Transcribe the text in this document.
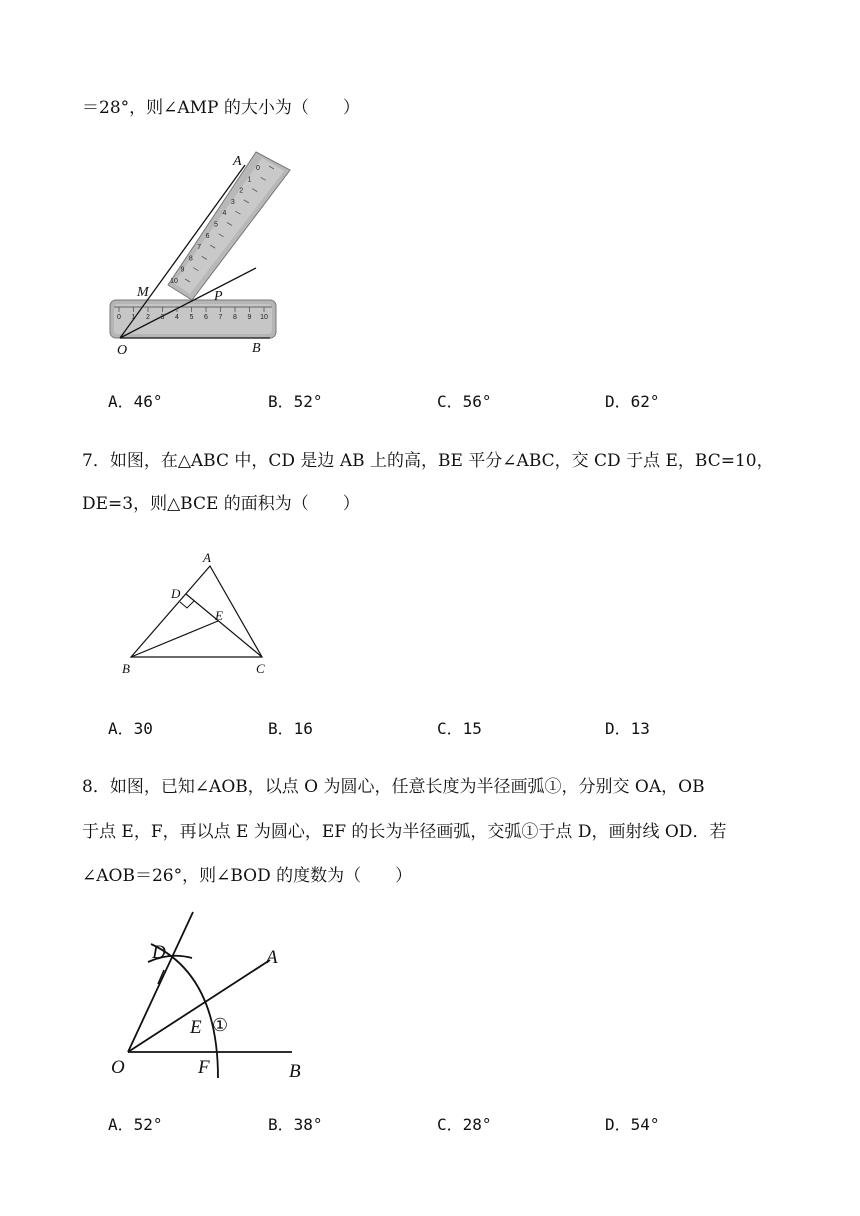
＝28°，则∠AMP 的大小为（　　）
0 1 2 3 4 5 6 7 8 9 10
0
1
2
3
4
5
6
7
8
9
10
A
M	P
O	B
A．46°	B．52°	C．56°	D．62°
7．如图，在△ABC 中，CD 是边 AB 上的高，BE 平分∠ABC，交 CD 于点 E，BC=10，
DE=3，则△BCE 的面积为（　　）
A
D
E
B	C
A．30	B．16	C．15	D．13
8．如图，已知∠AOB，以点 O 为圆心，任意长度为半径画弧①，分别交 OA，OB
于点 E，F，再以点 E 为圆心，EF 的长为半径画弧，交弧①于点 D，画射线 OD．若
∠AOB＝26°，则∠BOD 的度数为（　　）
D	A
E ①
O	F	B
A．52°	B．38°	C．28°	D．54°
